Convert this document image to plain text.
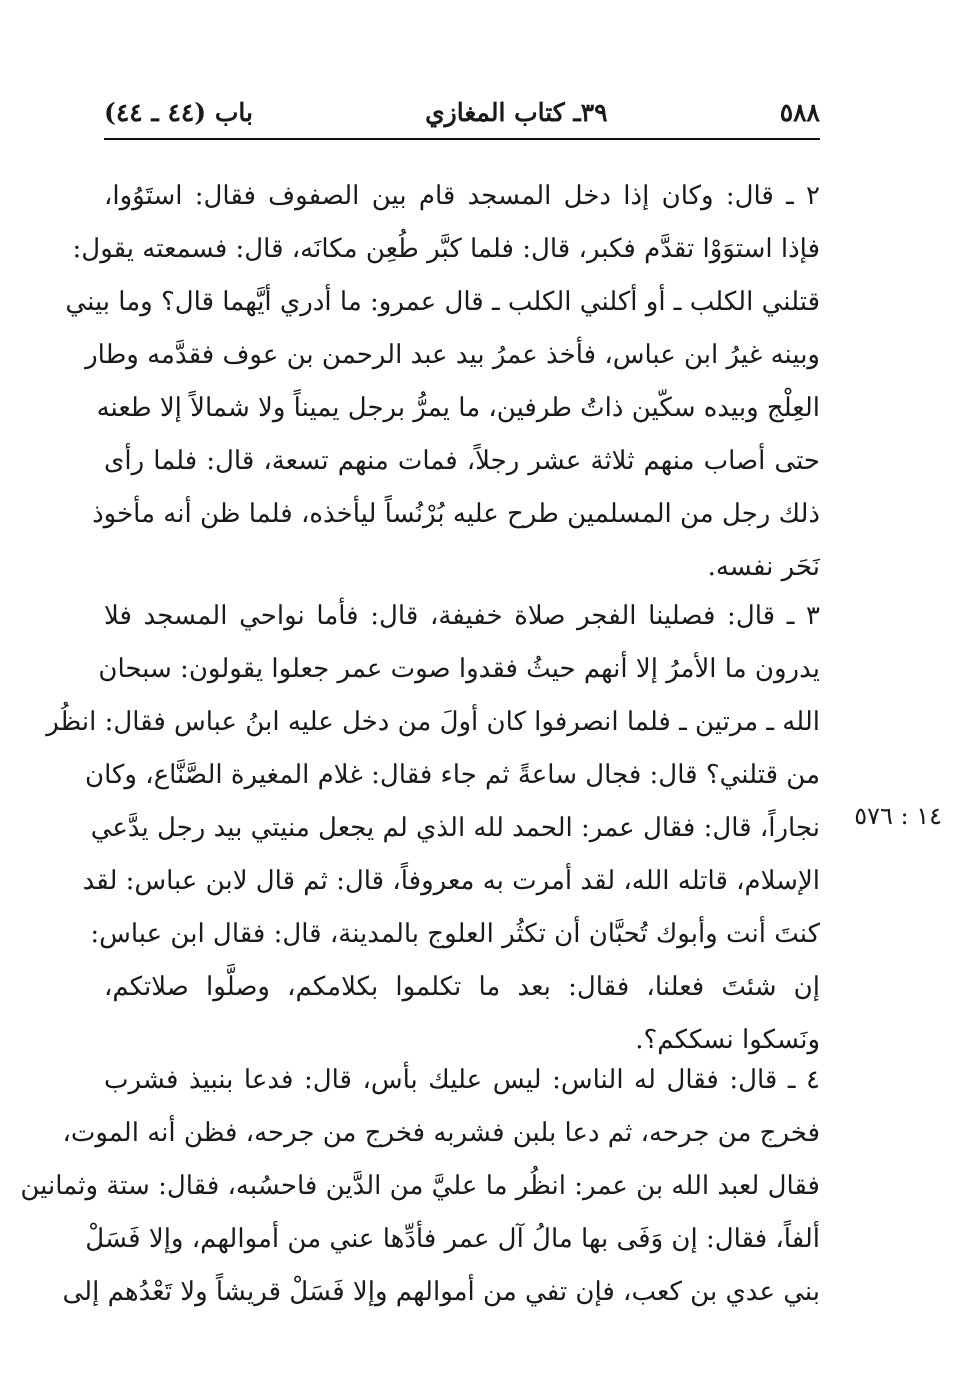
٥٨٨
٣٩ـ كتاب المغازي
باب (٤٤ ـ ٤٤)

٢ ـ قال: وكان إذا دخل المسجد قام بين الصفوف فقال: استَوُوا،
فإذا استوَوْا تقدَّم فكبر، قال: فلما كبَّر طُعِن مكانَه، قال: فسمعته يقول:
قتلني الكلب ـ أو أكلني الكلب ـ قال عمرو: ما أدري أيَّهما قال؟ وما بيني
وبينه غيرُ ابن عباس، فأخذ عمرُ بيد عبد الرحمن بن عوف فقدَّمه وطار
العِلْج وبيده سكّين ذاتُ طرفين، ما يمرُّ برجل يميناً ولا شمالاً إلا طعنه
حتى أصاب منهم ثلاثة عشر رجلاً، فمات منهم تسعة، قال: فلما رأى
ذلك رجل من المسلمين طرح عليه بُرْنُساً ليأخذه، فلما ظن أنه مأخوذ
نَحَر نفسه.

٣ ـ قال: فصلينا الفجر صلاة خفيفة، قال: فأما نواحي المسجد فلا
يدرون ما الأمرُ إلا أنهم حيثُ فقدوا صوت عمر جعلوا يقولون: سبحان
الله ـ مرتين ـ فلما انصرفوا كان أولَ من دخل عليه ابنُ عباس فقال: انظُر
من قتلني؟ قال: فجال ساعةً ثم جاء فقال: غلام المغيرة الصَّنَّاع، وكان
نجاراً، قال: فقال عمر: الحمد لله الذي لم يجعل منيتي بيد رجل يدَّعي
الإسلام، قاتله الله، لقد أمرت به معروفاً، قال: ثم قال لابن عباس: لقد
كنتَ أنت وأبوك تُحبَّان أن تكثُر العلوج بالمدينة، قال: فقال ابن عباس:
إن شئتَ فعلنا، فقال: بعد ما تكلموا بكلامكم، وصلَّوا صلاتكم،
ونَسكوا نسككم؟.

١٤ : ٥٧٦

٤ ـ قال: فقال له الناس: ليس عليك بأس، قال: فدعا بنبيذ فشرب
فخرج من جرحه، ثم دعا بلبن فشربه فخرج من جرحه، فظن أنه الموت،
فقال لعبد الله بن عمر: انظُر ما عليَّ من الدَّين فاحسُبه، فقال: ستة وثمانين
ألفاً، فقال: إن وَفَى بها مالُ آل عمر فأدِّها عني من أموالهم، وإلا فَسَلْ
بني عدي بن كعب، فإن تفي من أموالهم وإلا فَسَلْ قريشاً ولا تَعْدُهم إلى
